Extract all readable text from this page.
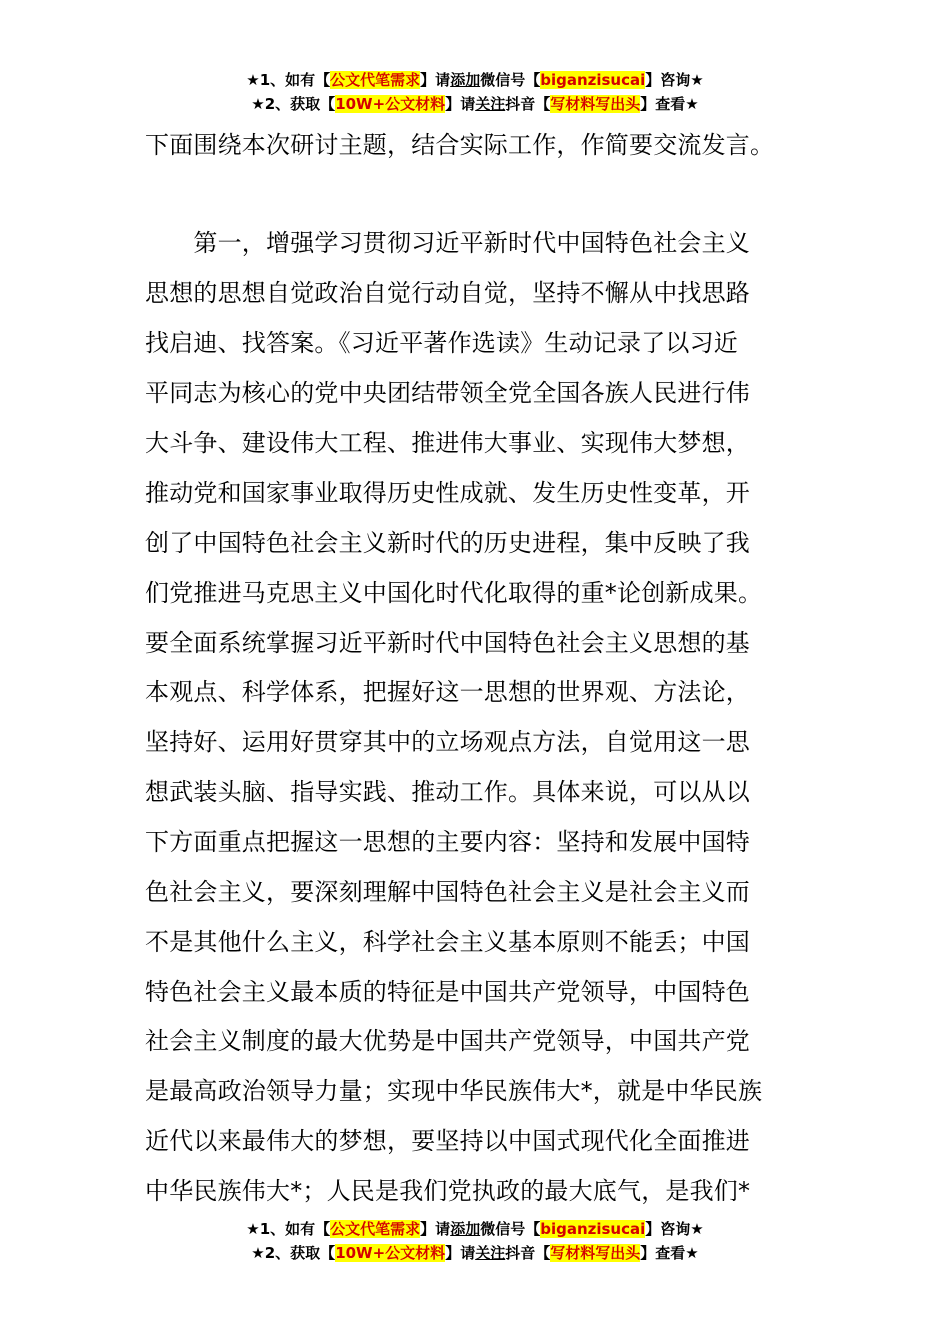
★1、如有【公文代笔需求】请添加微信号【biganzisucai】咨询★
★2、获取【10W+公文材料】请关注抖音【写材料写出头】查看★
下面围绕本次研讨主题，结合实际工作，作简要交流发言。
　　第一，增强学习贯彻习近平新时代中国特色社会主义
思想的思想自觉政治自觉行动自觉，坚持不懈从中找思路
找启迪、找答案。《习近平著作选读》生动记录了以习近
平同志为核心的党中央团结带领全党全国各族人民进行伟
大斗争、建设伟大工程、推进伟大事业、实现伟大梦想，
推动党和国家事业取得历史性成就、发生历史性变革，开
创了中国特色社会主义新时代的历史进程，集中反映了我
们党推进马克思主义中国化时代化取得的重*论创新成果。
要全面系统掌握习近平新时代中国特色社会主义思想的基
本观点、科学体系，把握好这一思想的世界观、方法论，
坚持好、运用好贯穿其中的立场观点方法，自觉用这一思
想武装头脑、指导实践、推动工作。具体来说，可以从以
下方面重点把握这一思想的主要内容：坚持和发展中国特
色社会主义，要深刻理解中国特色社会主义是社会主义而
不是其他什么主义，科学社会主义基本原则不能丢；中国
特色社会主义最本质的特征是中国共产党领导，中国特色
社会主义制度的最大优势是中国共产党领导，中国共产党
是最高政治领导力量；实现中华民族伟大*，就是中华民族
近代以来最伟大的梦想，要坚持以中国式现代化全面推进
中华民族伟大*；人民是我们党执政的最大底气，是我们*
★1、如有【公文代笔需求】请添加微信号【biganzisucai】咨询★
★2、获取【10W+公文材料】请关注抖音【写材料写出头】查看★
